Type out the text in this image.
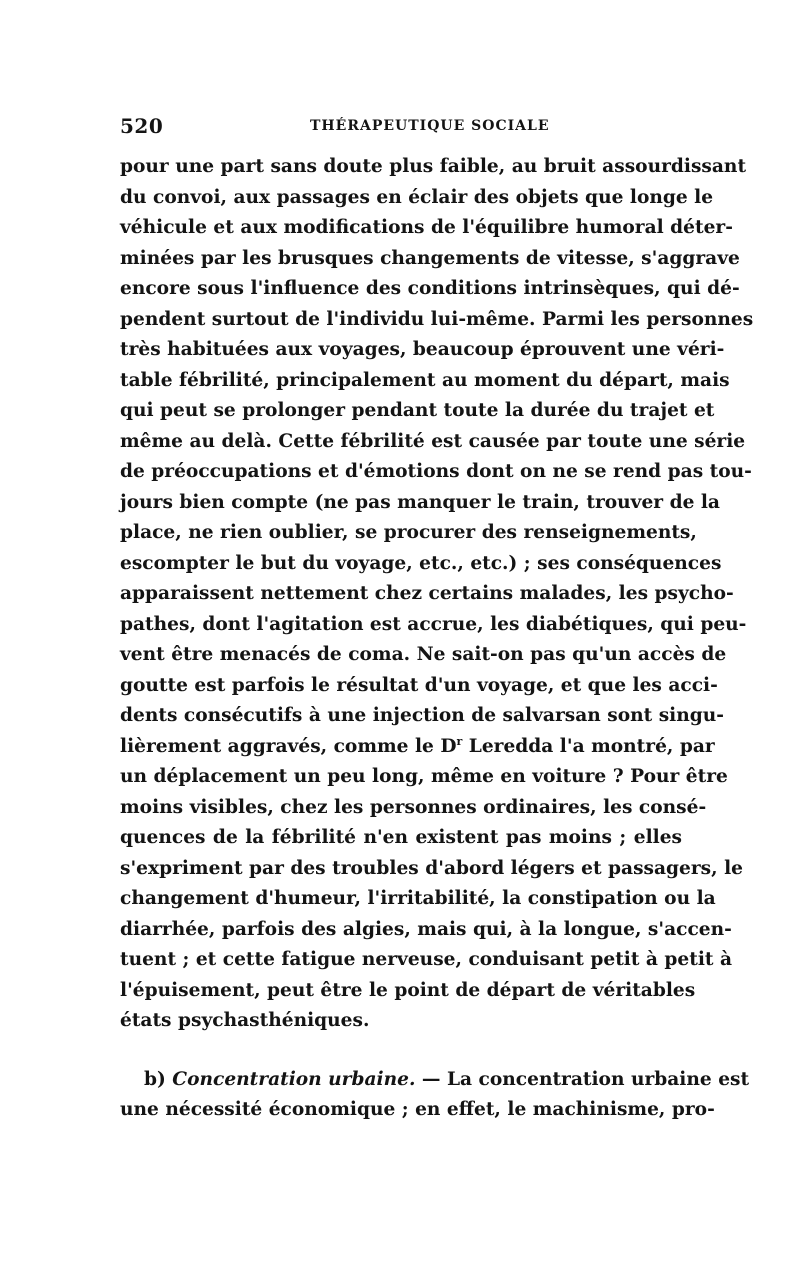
520	THÉRAPEUTIQUE SOCIALE
pour une part sans doute plus faible, au bruit assourdissant
du convoi, aux passages en éclair des objets que longe le
véhicule et aux modifications de l'équilibre humoral déter-
minées par les brusques changements de vitesse, s'aggrave
encore sous l'influence des conditions intrinsèques, qui dé-
pendent surtout de l'individu lui-même. Parmi les personnes
très habituées aux voyages, beaucoup éprouvent une véri-
table fébrilité, principalement au moment du départ, mais
qui peut se prolonger pendant toute la durée du trajet et
même au delà. Cette fébrilité est causée par toute une série
de préoccupations et d'émotions dont on ne se rend pas tou-
jours bien compte (ne pas manquer le train, trouver de la
place, ne rien oublier, se procurer des renseignements,
escompter le but du voyage, etc., etc.) ; ses conséquences
apparaissent nettement chez certains malades, les psycho-
pathes, dont l'agitation est accrue, les diabétiques, qui peu-
vent être menacés de coma. Ne sait-on pas qu'un accès de
goutte est parfois le résultat d'un voyage, et que les acci-
dents consécutifs à une injection de salvarsan sont singu-
lièrement aggravés, comme le $D^r$ Leredda l'a montré, par
un déplacement un peu long, même en voiture ? Pour être
moins visibles, chez les personnes ordinaires, les consé-
quences de la fébrilité n'en existent pas moins ; elles
s'expriment par des troubles d'abord légers et passagers, le
changement d'humeur, l'irritabilité, la constipation ou la
diarrhée, parfois des algies, mais qui, à la longue, s'accen-
tuent ; et cette fatigue nerveuse, conduisant petit à petit à
l'épuisement, peut être le point de départ de véritables
états psychasthéniques.
b) Concentration urbaine. — La concentration urbaine est
une nécessité économique ; en effet, le machinisme, pro-
